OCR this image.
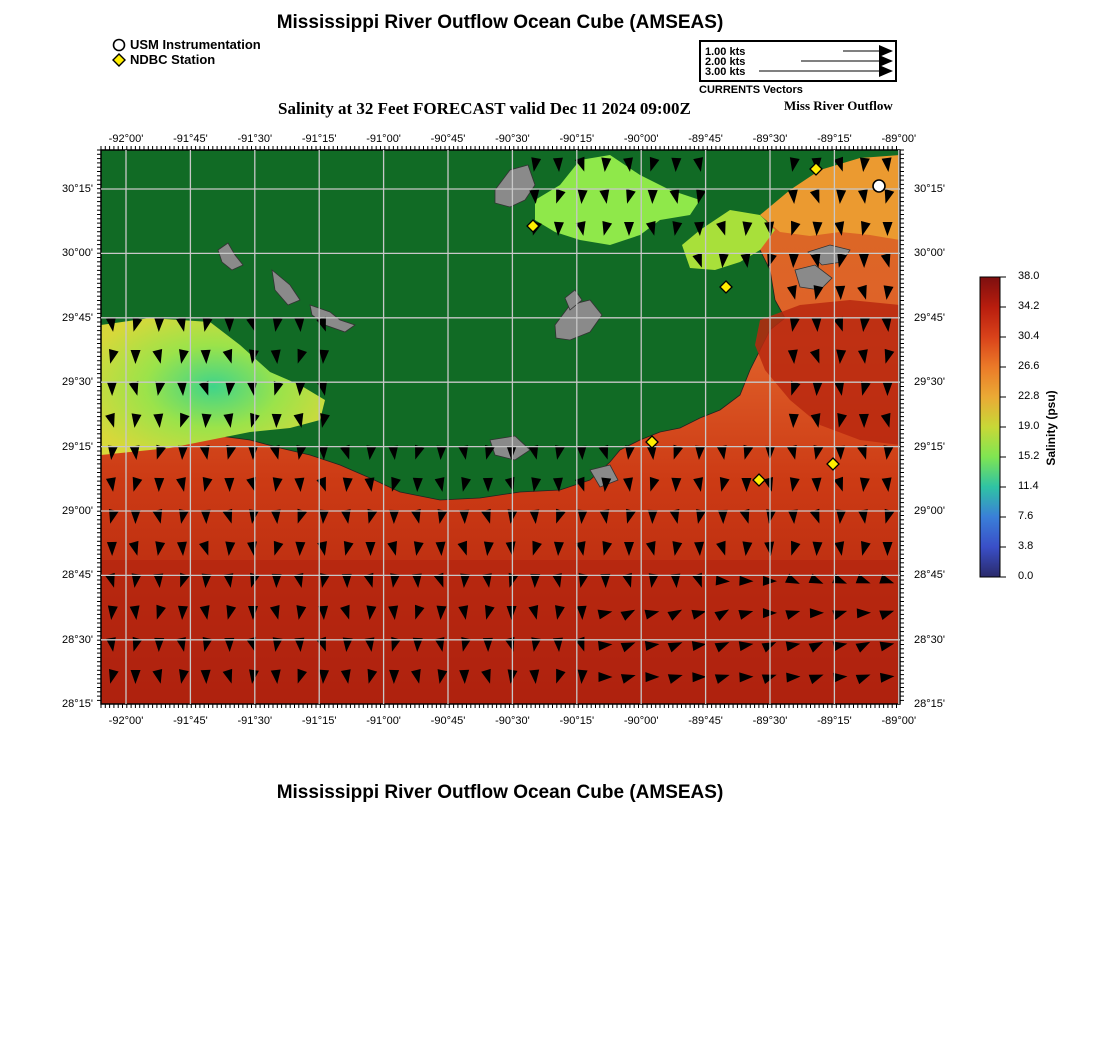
Mississippi River Outflow Ocean Cube (AMSEAS)
USM Instrumentation
NDBC Station	1.00 kts
2.00 kts
3.00 kts
CURRENTS Vectors
Salinity at 32 Feet FORECAST valid Dec 11 2024 09:00Z	Miss River Outflow
Salinity (psu)
-92°00'
-92°00'
-91°45'
-91°45'
-91°30'
-91°30'
-91°15'
-91°15'
-91°00'
-91°00'
-90°45'
-90°45'
-90°30'
-90°30'
-90°15'
-90°15'
-90°00'
-90°00'
-89°45'
-89°45'
-89°30'
-89°30'
-89°15'
-89°15'
-89°00'
-89°00'
30°15'	30°15'
30°00'	30°00'
29°45'	29°45'
29°30'	29°30'
29°15'	29°15'
29°00'	29°00'
28°45'	28°45'
28°30'	28°30'
28°15'	28°15'
38.0
34.2
30.4
26.6
22.8
19.0
15.2
11.4
7.6
3.8
0.0
Mississippi River Outflow Ocean Cube (AMSEAS)
